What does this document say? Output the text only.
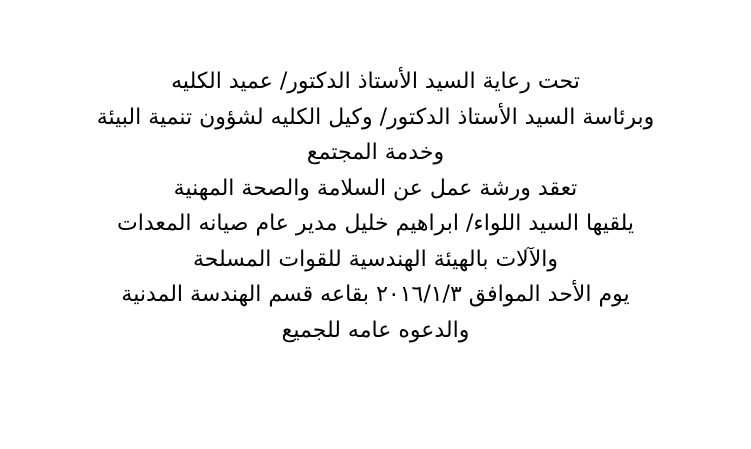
تحت رعاية السيد الأستاذ الدكتور/ عميد الكليه

وبرئاسة السيد الأستاذ الدكتور/ وكيل الكليه لشؤون تنمية البيئة

وخدمة المجتمع

تعقد ورشة عمل عن السلامة والصحة المهنية

يلقيها السيد اللواء/ ابراهيم خليل مدير عام صيانه المعدات

والآلات بالهيئة الهندسية للقوات المسلحة

يوم الأحد الموافق ٢٠١٦/١/٣ بقاعه قسم الهندسة المدنية

والدعوه عامه للجميع
